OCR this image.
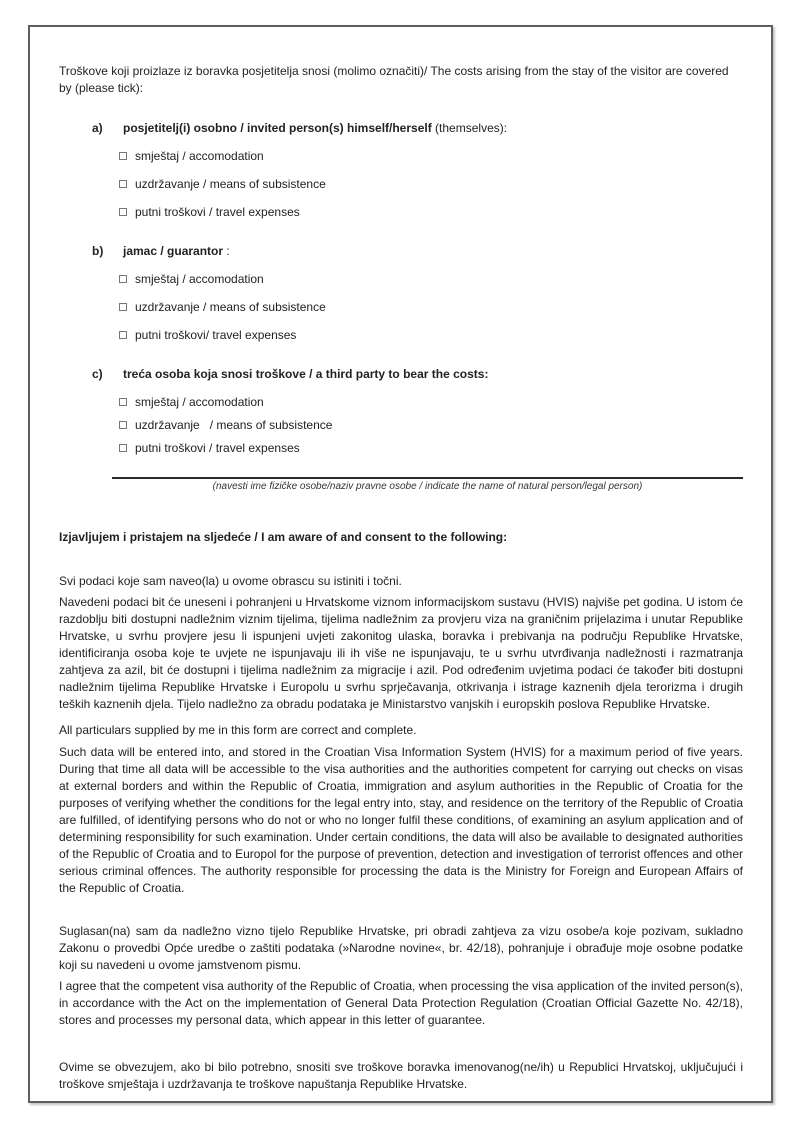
Troškove koji proizlaze iz boravka posjetitelja snosi (molimo označiti)/ The costs arising from the stay of the visitor are covered by (please tick):

a) posjetitelj(i) osobno / invited person(s) himself/herself (themselves):
smještaj / accomodation
uzdržavanje / means of subsistence
putni troškovi / travel expenses
b) jamac / guarantor :
smještaj / accomodation
uzdržavanje / means of subsistence
putni troškovi/ travel expenses
c) treća osoba koja snosi troškove / a third party to bear the costs:
smještaj / accomodation
uzdržavanje   / means of subsistence
putni troškovi / travel expenses
(navesti ime fizičke osobe/naziv pravne osobe / indicate the name of natural person/legal person)

Izjavljujem i pristajem na sljedeće / I am aware of and consent to the following:

Svi podaci koje sam naveo(la) u ovome obrascu su istiniti i točni.

Navedeni podaci bit će uneseni i pohranjeni u Hrvatskome viznom informacijskom sustavu (HVIS) najviše pet godina. U istom će razdoblju biti dostupni nadležnim viznim tijelima, tijelima nadležnim za provjeru viza na graničnim prijelazima i unutar Republike Hrvatske, u svrhu provjere jesu li ispunjeni uvjeti zakonitog ulaska, boravka i prebivanja na području Republike Hrvatske, identificiranja osoba koje te uvjete ne ispunjavaju ili ih više ne ispunjavaju, te u svrhu utvrđivanja nadležnosti i razmatranja zahtjeva za azil, bit će dostupni i tijelima nadležnim za migracije i azil. Pod određenim uvjetima podaci će također biti dostupni nadležnim tijelima Republike Hrvatske i Europolu u svrhu sprječavanja, otkrivanja i istrage kaznenih djela terorizma i drugih teških kaznenih djela. Tijelo nadležno za obradu podataka je Ministarstvo vanjskih i europskih poslova Republike Hrvatske.

All particulars supplied by me in this form are correct and complete.

Such data will be entered into, and stored in the Croatian Visa Information System (HVIS) for a maximum period of five years. During that time all data will be accessible to the visa authorities and the authorities competent for carrying out checks on visas at external borders and within the Republic of Croatia, immigration and asylum authorities in the Republic of Croatia for the purposes of verifying whether the conditions for the legal entry into, stay, and residence on the territory of the Republic of Croatia are fulfilled, of identifying persons who do not or who no longer fulfil these conditions, of examining an asylum application and of determining responsibility for such examination. Under certain conditions, the data will also be available to designated authorities of the Republic of Croatia and to Europol for the purpose of prevention, detection and investigation of terrorist offences and other serious criminal offences. The authority responsible for processing the data is the Ministry for Foreign and European Affairs of the Republic of Croatia.

Suglasan(na) sam da nadležno vizno tijelo Republike Hrvatske, pri obradi zahtjeva za vizu osobe/a koje pozivam, sukladno Zakonu o provedbi Opće uredbe o zaštiti podataka (»Narodne novine«, br. 42/18), pohranjuje i obrađuje moje osobne podatke koji su navedeni u ovome jamstvenom pismu.

I agree that the competent visa authority of the Republic of Croatia, when processing the visa application of the invited person(s), in accordance with the Act on the implementation of General Data Protection Regulation (Croatian Official Gazette No. 42/18), stores and processes my personal data, which appear in this letter of guarantee.

Ovime se obvezujem, ako bi bilo potrebno, snositi sve troškove boravka imenovanog(ne/ih) u Republici Hrvatskoj, uključujući i troškove smještaja i uzdržavanja te troškove napuštanja Republike Hrvatske.
